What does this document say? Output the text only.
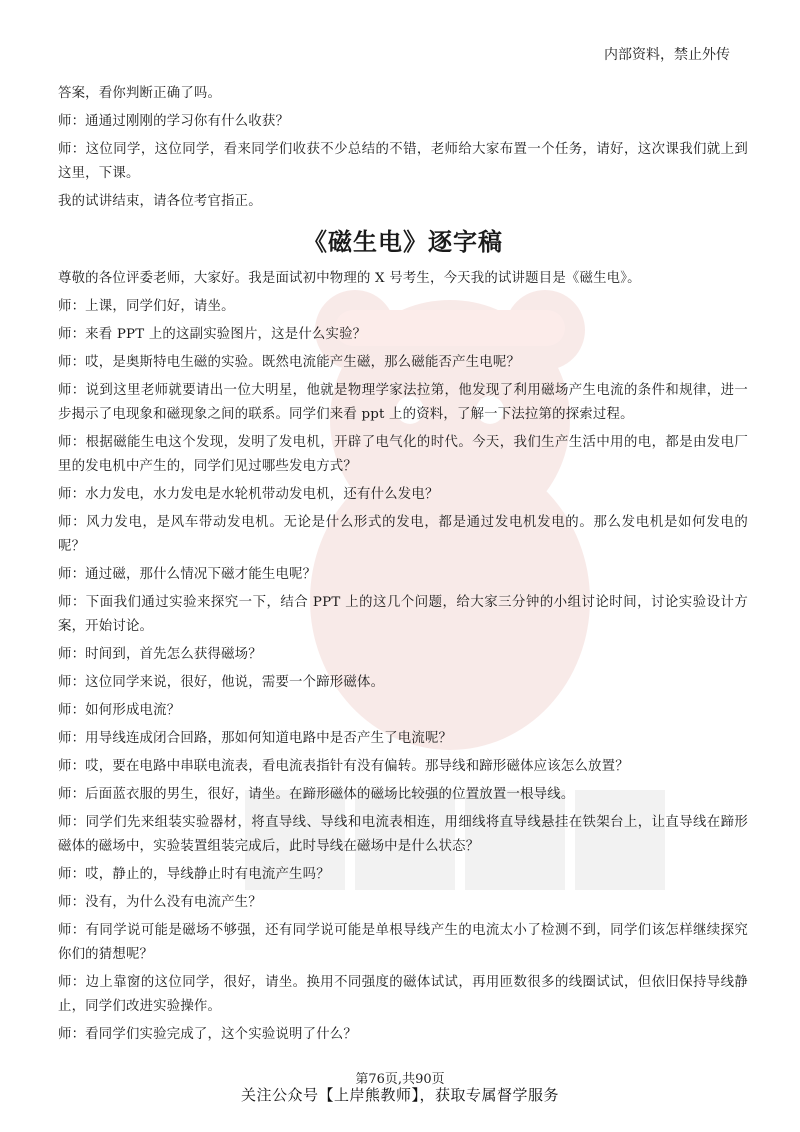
内部资料，禁止外传

答案，看你判断正确了吗。

师：通通过刚刚的学习你有什么收获？

师：这位同学，这位同学，看来同学们收获不少总结的不错，老师给大家布置一个任务，请好，这次课我们就上到这里，下课。

我的试讲结束，请各位考官指正。

《磁生电》逐字稿

尊敬的各位评委老师，大家好。我是面试初中物理的 X 号考生，今天我的试讲题目是《磁生电》。

师：上课，同学们好，请坐。

师：来看 PPT 上的这副实验图片，这是什么实验？

师：哎，是奥斯特电生磁的实验。既然电流能产生磁，那么磁能否产生电呢？

师：说到这里老师就要请出一位大明星，他就是物理学家法拉第，他发现了利用磁场产生电流的条件和规律，进一步揭示了电现象和磁现象之间的联系。同学们来看 ppt 上的资料，了解一下法拉第的探索过程。

师：根据磁能生电这个发现，发明了发电机，开辟了电气化的时代。今天，我们生产生活中用的电，都是由发电厂里的发电机中产生的，同学们见过哪些发电方式？

师：水力发电，水力发电是水轮机带动发电机，还有什么发电？

师：风力发电，是风车带动发电机。无论是什么形式的发电，都是通过发电机发电的。那么发电机是如何发电的呢？

师：通过磁，那什么情况下磁才能生电呢？

师：下面我们通过实验来探究一下，结合 PPT 上的这几个问题，给大家三分钟的小组讨论时间，讨论实验设计方案，开始讨论。

师：时间到，首先怎么获得磁场？

师：这位同学来说，很好，他说，需要一个蹄形磁体。

师：如何形成电流？

师：用导线连成闭合回路，那如何知道电路中是否产生了电流呢？

师：哎，要在电路中串联电流表，看电流表指针有没有偏转。那导线和蹄形磁体应该怎么放置？

师：后面蓝衣服的男生，很好，请坐。在蹄形磁体的磁场比较强的位置放置一根导线。

师：同学们先来组装实验器材，将直导线、导线和电流表相连，用细线将直导线悬挂在铁架台上，让直导线在蹄形磁体的磁场中，实验装置组装完成后，此时导线在磁场中是什么状态？

师：哎，静止的，导线静止时有电流产生吗？

师：没有，为什么没有电流产生？

师：有同学说可能是磁场不够强，还有同学说可能是单根导线产生的电流太小了检测不到，同学们该怎样继续探究你们的猜想呢？

师：边上靠窗的这位同学，很好，请坐。换用不同强度的磁体试试，再用匝数很多的线圈试试，但依旧保持导线静止，同学们改进实验操作。

师：看同学们实验完成了，这个实验说明了什么？

第76页,共90页
关注公众号【上岸熊教师】，获取专属督学服务
